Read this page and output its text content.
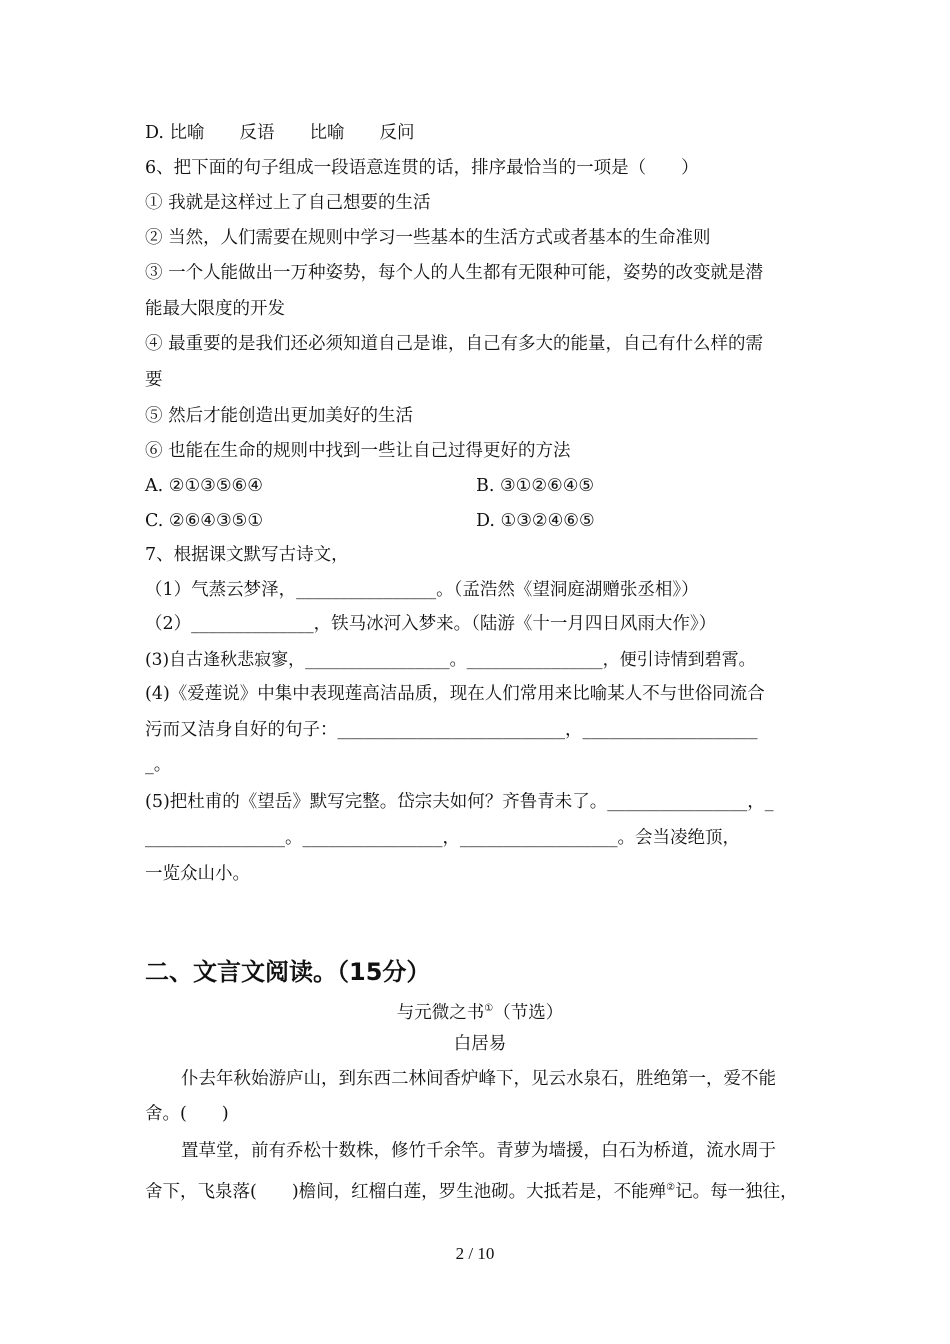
D. 比喻　　反语　　比喻　　反问
6、把下面的句子组成一段语意连贯的话，排序最恰当的一项是（　　）
① 我就是这样过上了自己想要的生活
② 当然，人们需要在规则中学习一些基本的生活方式或者基本的生命准则
③ 一个人能做出一万种姿势，每个人的人生都有无限种可能，姿势的改变就是潜
能最大限度的开发
④ 最重要的是我们还必须知道自己是谁，自己有多大的能量，自己有什么样的需
要
⑤ 然后才能创造出更加美好的生活
⑥ 也能在生命的规则中找到一些让自己过得更好的方法
A. ②①③⑤⑥④	B. ③①②⑥④⑤
C. ②⑥④③⑤①	D. ①③②④⑥⑤
7、根据课文默写古诗文，
（1）气蒸云梦泽，________________。（孟浩然《望洞庭湖赠张丞相》）
（2）______________，铁马冰河入梦来。（陆游《十一月四日风雨大作》）
(3)自古逢秋悲寂寥，_________________。________________，便引诗情到碧霄。
(4)《爱莲说》中集中表现莲高洁品质，现在人们常用来比喻某人不与世俗同流合
污而又洁身自好的句子：__________________________，____________________
_。
(5)把杜甫的《望岳》默写完整。岱宗夫如何？齐鲁青未了。________________，_
________________。________________，__________________。会当凌绝顶，
一览众山小。
二、文言文阅读。（15分）
与元微之书①（节选）
白居易
仆去年秋始游庐山，到东西二林间香炉峰下，见云水泉石，胜绝第一，爱不能
舍。(　　)
置草堂，前有乔松十数株，修竹千余竿。青萝为墙援，白石为桥道，流水周于
舍下，飞泉落(　　)檐间，红榴白莲，罗生池砌。大抵若是，不能殚②记。每一独往，
2 / 10
